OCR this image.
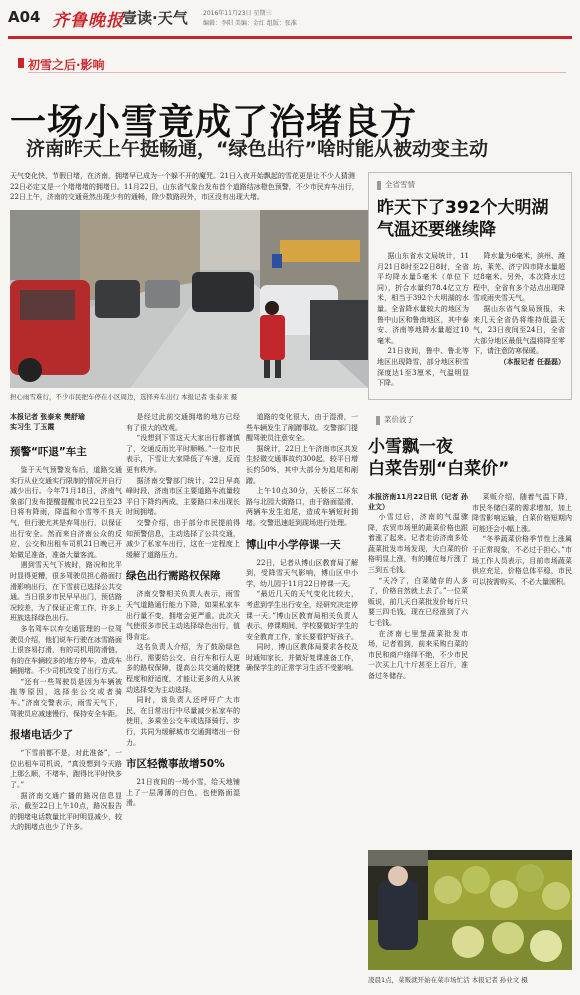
A04 齐鲁晚报
壹读·天气	2016年11月23日 星期三
编辑：李阳 美编：金红 组版：张准
初雪之后·影响
一场小雪竟成了治堵良方
济南昨天上午挺畅通，“绿色出行”啥时能从被动变主动
天气变化快，节假日堵，在济南，拥堵早已成为一个躲不开的魔咒。21日入夜开始飘起的雪花更是让不少人猜测22日必定又是一个堵堵堵的拥堵日。11月22日，山东省气象台发布首个道路结冰橙色预警，不少市民弃车出行，22日上午，济南的交通竟然出现少有的通畅，除少数路段外，市区没有出现大堵。
担心雨雪难行，不少市民把车停在小区周边，选择弃车出行 本报记者 张泰来 摄
本报记者 张泰来 樊舒瑜
实习生 丁玉霞
预警“吓退”车主

鉴于天气预警发布后，道路交通实行从业交通实行限制的情况并自行减少出行。今年71月18日，济南气象部门发布提醒提醒市民22日至23日将有降雨，降温和小雪等不良天气，但行驶尤其是弃驾出行，以保证出行安全。然而来自济南公众的反应，公交和出租车司机21日晚已开始做足准备，准备大量客流。

遇到雪天气下坡时，路况和比平时显得更糟，很多驾驶员担心路面打滑影响出行，在下雪前已选择公共交通。当日很多市民早早出门，预估路况较差，为了保证正常工作，许多上班族选择绿色出行。

多名驾车以弃交通管理的一位驾驶员介绍，他们说车行驶在冰雪路面上很容易打滑，有的司机用防滑链，有的在车辆较多的地方停车，造成车辆拥堵。不少司机改变了出行方式。

“还有一些驾驶员是因为车辆被拖等原因，选择坐公交或者骑车。”济南交警表示，雨雪天气下，驾驶员应减速慢行，保持安全车距。

报堵电话少了

“下雪前都不是，对此准备”，一位出租车司机说，“真没想到今天路上那么顺，不堵车，跑得比平时快多了。”

据济南交通广播的路况信息显示，截至22日上午10点，路况报告的拥堵电话数量比平时明显减少，较大的拥堵点也少了许多。

是经过此前交通拥堵的地方已经有了很大的改观。

“没想到下雪这天大家出行都谨慎了，交通反而比平时顺畅。”一位市民表示，下雪让大家降低了车速，反而更有秩序。

据济南交警部门统计，22日早高峰时段，济南市区主要道路车流量较平日下降约两成，主要路口未出现长时间拥堵。

交警介绍，由于部分市民提前得知预警信息，主动选择了公共交通，减少了私家车出行，这在一定程度上缓解了道路压力。

绿色出行需路权保障

济南交警相关负责人表示，雨雪天气道路通行能力下降，如果私家车出行量不变，拥堵会更严重。此次天气使很多市民主动选择绿色出行，值得肯定。

这名负责人介绍，为了鼓励绿色出行，需要给公交、自行车和行人更多的路权保障，提高公共交通的便捷程度和舒适度，才能让更多的人从被动选择变为主动选择。

同时，该负责人还呼吁广大市民，在日常出行中尽量减少私家车的使用，多乘坐公交车或选择骑行、步行，共同为缓解城市交通拥堵出一份力。

市区轻微事故增50%

21日夜间的一场小雪，给天地铺上了一层薄薄的白色，也使路面湿滑。

道路的变化很大，由于湿滑，一些车辆发生了剐蹭事故。交警部门提醒驾驶员注意安全。

据统计，22日上午济南市区共发生轻微交通事故约300起，较平日增长约50%，其中大部分为追尾和剐蹭。

上午10点30分，天桥区二环东路与北园大街路口，由于路面湿滑，两辆车发生追尾，造成车辆短时拥堵。交警迅速赶到现场进行处理。

博山中小学停课一天

22日，记者从博山区教育局了解到，受降雪天气影响，博山区中小学、幼儿园于11月22日停课一天。

“最近几天的天气变化比较大，考虑到学生出行安全，经研究决定停课一天。”博山区教育局相关负责人表示，停课期间，学校要做好学生的安全教育工作，家长要看护好孩子。

同时，博山区教体局要求各校及时通知家长，并做好复课准备工作，确保学生的正常学习生活不受影响。

全省雪情
昨天下了392个大明湖
气温还要继续降

据山东省水文局统计，11月21日8时至22日8时，全省平均降水量5毫米（单位下同），折合水量约78.4亿立方米，相当于392个大明湖的水量。全省降水量较大的地区为鲁中山区和鲁南地区，其中泰安、济南等地降水量超过10毫米。

21日夜间，鲁中、鲁北等地区出现降雪，部分地区积雪深度达1至3厘米，气温明显下降。

降水量为6毫米，滨州、潍坊、莱芜、济宁四市降水量超过8毫米。另外，本次降水过程中，全省有多个站点出现降雪或雨夹雪天气。

据山东省气象局预报，未来几天全省仍将维持低温天气，23日夜间至24日，全省大部分地区最低气温将降至零下，请注意防寒保暖。

（本报记者 任磊磊）

菜价波了
小雪飘一夜
白菜告别“白菜价”

本报济南11月22日讯（记者 孙业文）

小雪过后，济南的气温骤降，农贸市场里的蔬菜价格也跟着涨了起来。记者走访济南多处蔬菜批发市场发现，大白菜的价格明显上涨，有的摊位每斤涨了三到五毛钱。

“天冷了，白菜储存的人多了，价格自然就上去了。”一位菜贩说，前几天白菜批发价每斤只要三四毛钱，现在已经涨到了六七毛钱。

在济南七里堡蔬菜批发市场，记者看到，前来采购白菜的市民和商户络绎不绝，不少市民一次买上几十斤甚至上百斤，准备过冬储存。

菜贩介绍，随着气温下降，市民冬储白菜的需求增加，加上降雪影响运输，白菜价格短期内可能还会小幅上涨。

“冬季蔬菜价格季节性上涨属于正常现象，不必过于担心。”市场工作人员表示，目前市场蔬菜供应充足，价格总体平稳，市民可以按需购买，不必大量囤积。

凌晨1点，菜贩就开始在菜市场忙活 本报记者 孙业文 摄
